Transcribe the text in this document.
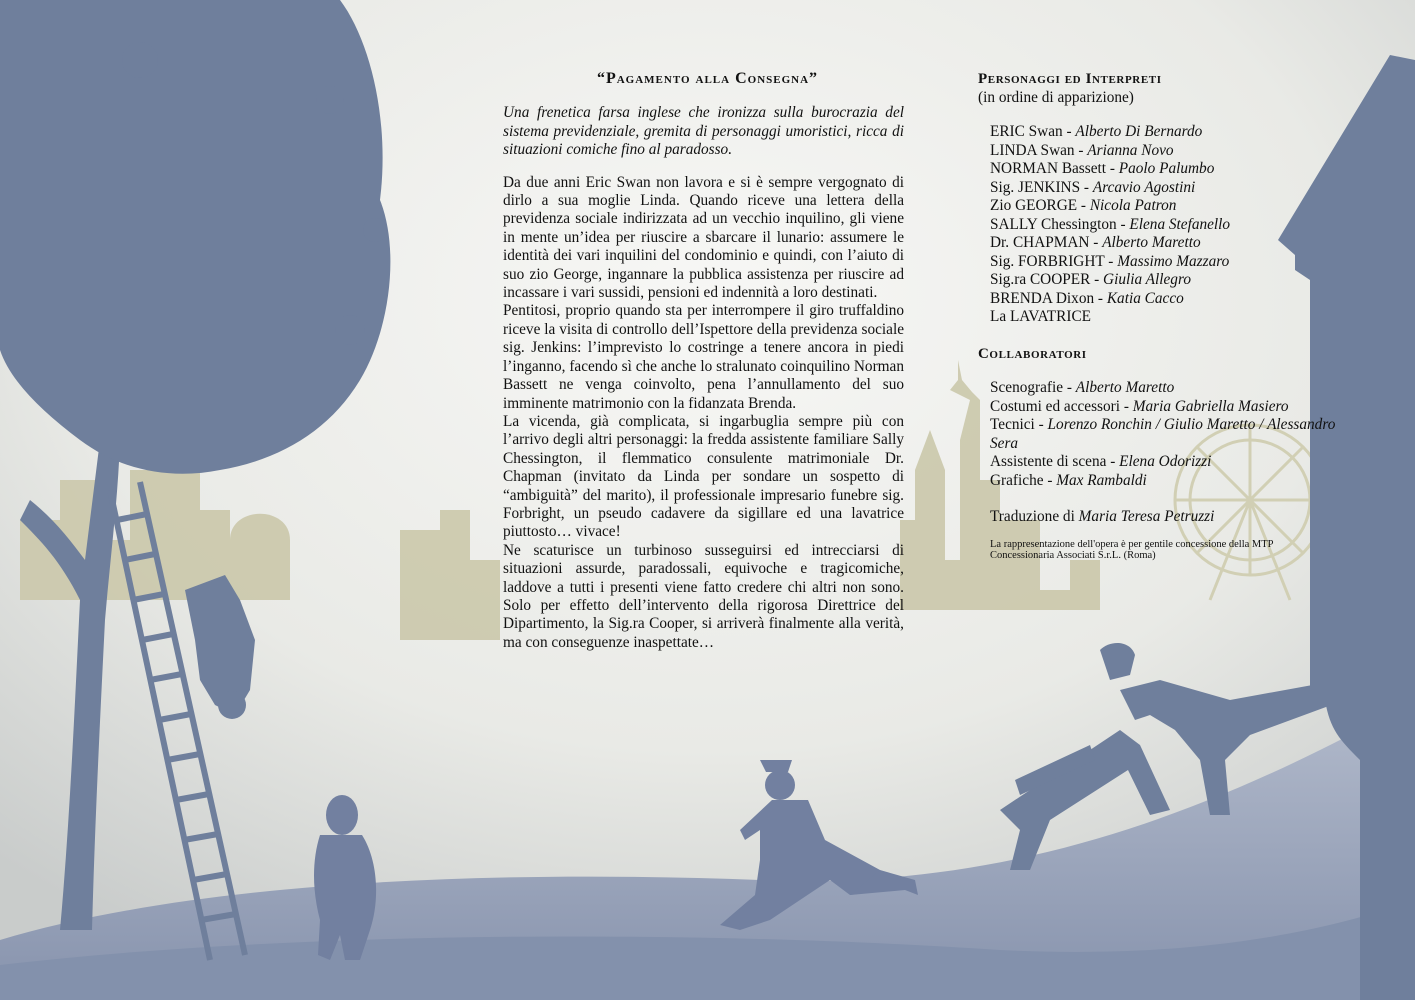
“Pagamento alla Consegna”

Una frenetica farsa inglese che ironizza sulla burocrazia del sistema previdenziale, gremita di personaggi umoristici, ricca di situazioni comiche fino al paradosso.

Da due anni Eric Swan non lavora e si è sempre vergognato di dirlo a sua moglie Linda. Quando riceve una lettera della previdenza sociale indirizzata ad un vecchio inquilino, gli viene in mente un’idea per riuscire a sbarcare il lunario: assumere le identità dei vari inquilini del condominio e quindi, con l’aiuto di suo zio George, ingannare la pubblica assistenza per riuscire ad incassare i vari sussidi, pensioni ed indennità a loro destinati.

Pentitosi, proprio quando sta per interrompere il giro truffaldino riceve la visita di controllo dell’Ispettore della previdenza sociale sig. Jenkins: l’imprevisto lo costringe a tenere ancora in piedi l’inganno, facendo sì che anche lo stralunato coinquilino Norman Bassett ne venga coinvolto, pena l’annullamento del suo imminente matrimonio con la fidanzata Brenda.

La vicenda, già complicata, si ingarbuglia sempre più con l’arrivo degli altri personaggi: la fredda assistente familiare Sally Chessington, il flemmatico consulente matrimoniale Dr. Chapman (invitato da Linda per sondare un sospetto di “ambiguità” del marito), il professionale impresario funebre sig. Forbright, un pseudo cadavere da sigillare ed una lavatrice piuttosto… vivace!

Ne scaturisce un turbinoso susseguirsi ed intrecciarsi di situazioni assurde, paradossali, equivoche e tragicomiche, laddove a tutti i presenti viene fatto credere chi altri non sono. Solo per effetto dell’intervento della rigorosa Direttrice del Dipartimento, la Sig.ra Cooper, si arriverà finalmente alla verità, ma con conseguenze inaspettate…

Personaggi ed Interpreti

(in ordine di apparizione)

ERIC Swan - Alberto Di Bernardo
LINDA Swan - Arianna Novo
NORMAN Bassett - Paolo Palumbo
Sig. JENKINS - Arcavio Agostini
Zio GEORGE - Nicola Patron
SALLY Chessington - Elena Stefanello
Dr. CHAPMAN - Alberto Maretto
Sig. FORBRIGHT - Massimo Mazzaro
Sig.ra COOPER - Giulia Allegro
BRENDA Dixon - Katia Cacco
La LAVATRICE
Collaboratori
Scenografie - Alberto Maretto
Costumi ed accessori - Maria Gabriella Masiero
Tecnici - Lorenzo Ronchin / Giulio Maretto / Alessandro Sera
Assistente di scena - Elena Odorizzi
Grafiche - Max Rambaldi

Traduzione di Maria Teresa Petruzzi

La rappresentazione dell'opera è per gentile concessione della MTP Concessionaria Associati S.r.L. (Roma)
